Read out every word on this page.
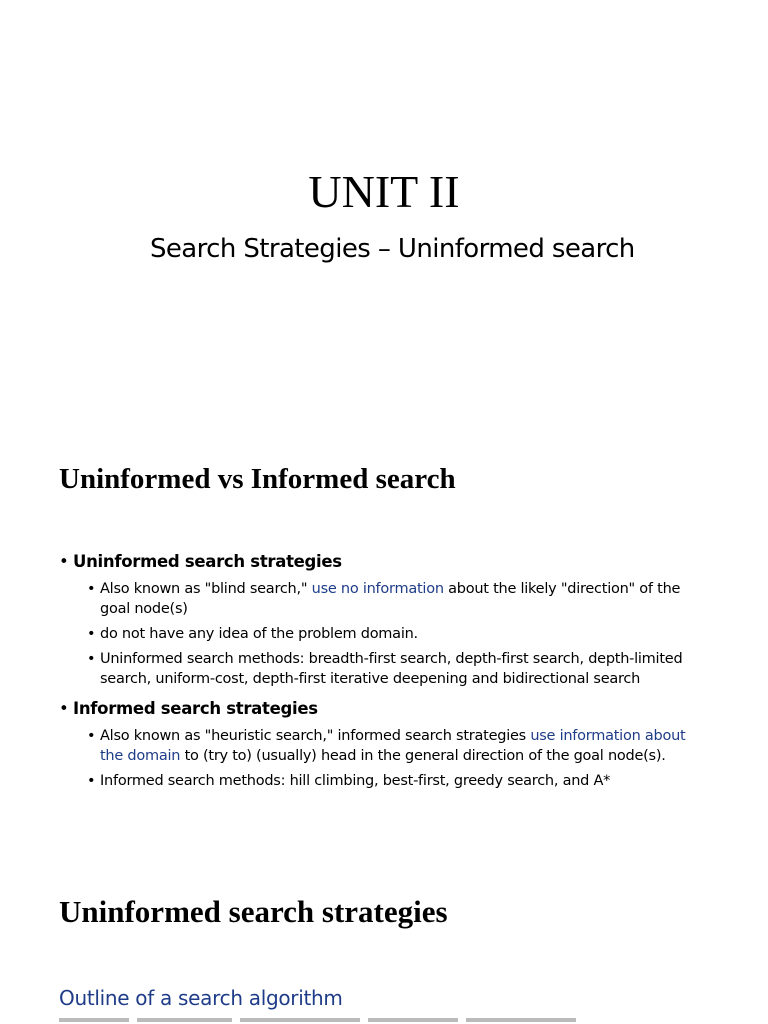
UNIT II
Search Strategies – Uninformed search
Uninformed vs Informed search

• Uninformed search strategies

• Also known as "blind search," use no information about the likely "direction" of the goal node(s)

• do not have any idea of the problem domain.

• Uninformed search methods: breadth-first search, depth-first search, depth-limited search, uniform-cost, depth-first iterative deepening and bidirectional search

• Informed search strategies

• Also known as "heuristic search," informed search strategies use information about the domain to (try to) (usually) head in the general direction of the goal node(s).

• Informed search methods: hill climbing, best-first, greedy search, and A*

Uninformed search strategies
Outline of a search algorithm
